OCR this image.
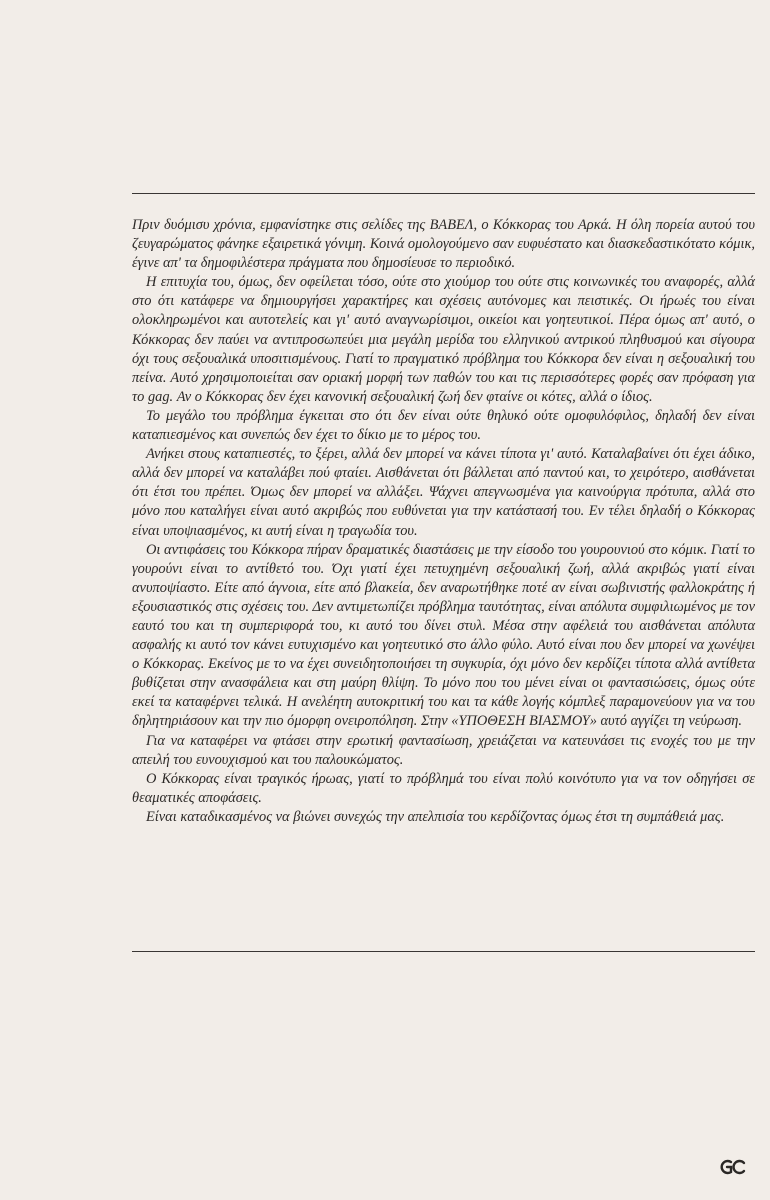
Πριν δυόμισυ χρόνια, εμφανίστηκε στις σελίδες της ΒΑΒΕΛ, ο Κόκκορας του Αρκά. Η όλη πορεία αυτού του ζευγαρώματος φάνηκε εξαιρετικά γόνιμη. Κοινά ομολογούμενο σαν ευφυέστατο και διασκεδαστικότατο κόμικ, έγινε απ' τα δημοφιλέστερα πράγματα που δημοσίευσε το περιοδικό.

Η επιτυχία του, όμως, δεν οφείλεται τόσο, ούτε στο χιούμορ του ούτε στις κοινωνικές του αναφορές, αλλά στο ότι κατάφερε να δημιουργήσει χαρακτήρες και σχέσεις αυτόνομες και πειστικές. Οι ήρωές του είναι ολοκληρωμένοι και αυτοτελείς και γι' αυτό αναγνωρίσιμοι, οικείοι και γοητευτικοί. Πέρα όμως απ' αυτό, ο Κόκκορας δεν παύει να αντιπροσωπεύει μια μεγάλη μερίδα του ελληνικού αντρικού πληθυσμού και σίγουρα όχι τους σεξουαλικά υποσιτισμένους. Γιατί το πραγματικό πρόβλημα του Κόκκορα δεν είναι η σεξουαλική του πείνα. Αυτό χρησιμοποιείται σαν οριακή μορφή των παθών του και τις περισσότερες φορές σαν πρόφαση για το gag. Αν ο Κόκκορας δεν έχει κανονική σεξουαλική ζωή δεν φταίνε οι κότες, αλλά ο ίδιος.

Το μεγάλο του πρόβλημα έγκειται στο ότι δεν είναι ούτε θηλυκό ούτε ομοφυλόφιλος, δηλαδή δεν είναι καταπιεσμένος και συνεπώς δεν έχει το δίκιο με το μέρος του.

Ανήκει στους καταπιεστές, το ξέρει, αλλά δεν μπορεί να κάνει τίποτα γι' αυτό. Καταλαβαίνει ότι έχει άδικο, αλλά δεν μπορεί να καταλάβει πού φταίει. Αισθάνεται ότι βάλλεται από παντού και, το χειρότερο, αισθάνεται ότι έτσι του πρέπει. Όμως δεν μπορεί να αλλάξει. Ψάχνει απεγνωσμένα για καινούργια πρότυπα, αλλά στο μόνο που καταλήγει είναι αυτό ακριβώς που ευθύνεται για την κατάστασή του. Εν τέλει δηλαδή ο Κόκκορας είναι υποψιασμένος, κι αυτή είναι η τραγωδία του.

Οι αντιφάσεις του Κόκκορα πήραν δραματικές διαστάσεις με την είσοδο του γουρουνιού στο κόμικ. Γιατί το γουρούνι είναι το αντίθετό του. Όχι γιατί έχει πετυχημένη σεξουαλική ζωή, αλλά ακριβώς γιατί είναι ανυποψίαστο. Είτε από άγνοια, είτε από βλακεία, δεν αναρωτήθηκε ποτέ αν είναι σωβινιστής φαλλοκράτης ή εξουσιαστικός στις σχέσεις του. Δεν αντιμετωπίζει πρόβλημα ταυτότητας, είναι απόλυτα συμφιλιωμένος με τον εαυτό του και τη συμπεριφορά του, κι αυτό του δίνει στυλ. Μέσα στην αφέλειά του αισθάνεται απόλυτα ασφαλής κι αυτό τον κάνει ευτυχισμένο και γοητευτικό στο άλλο φύλο. Αυτό είναι που δεν μπορεί να χωνέψει ο Κόκκορας. Εκείνος με το να έχει συνειδητοποιήσει τη συγκυρία, όχι μόνο δεν κερδίζει τίποτα αλλά αντίθετα βυθίζεται στην ανασφάλεια και στη μαύρη θλίψη. Το μόνο που του μένει είναι οι φαντασιώσεις, όμως ούτε εκεί τα καταφέρνει τελικά. Η ανελέητη αυτοκριτική του και τα κάθε λογής κόμπλεξ παραμονεύουν για να του δηλητηριάσουν και την πιο όμορφη ονειροπόληση. Στην «ΥΠΟΘΕΣΗ ΒΙΑΣΜΟΥ» αυτό αγγίζει τη νεύρωση.

Για να καταφέρει να φτάσει στην ερωτική φαντασίωση, χρειάζεται να κατευνάσει τις ενοχές του με την απειλή του ευνουχισμού και του παλουκώματος.

Ο Κόκκορας είναι τραγικός ήρωας, γιατί το πρόβλημά του είναι πολύ κοινότυπο για να τον οδηγήσει σε θεαματικές αποφάσεις.

Είναι καταδικασμένος να βιώνει συνεχώς την απελπισία του κερδίζοντας όμως έτσι τη συμπάθειά μας.
